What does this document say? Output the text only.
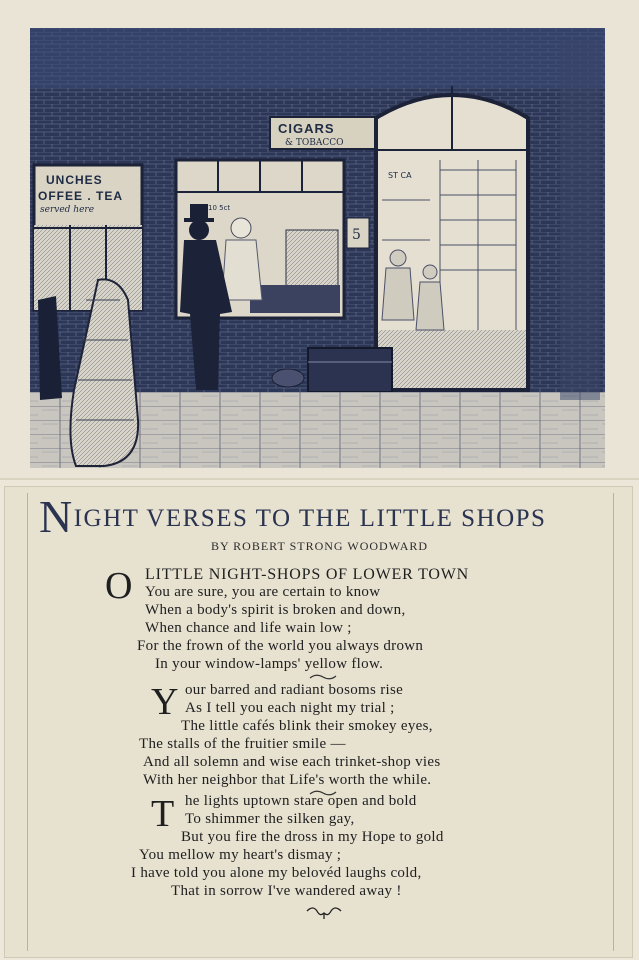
UNCHES
OFFEE . TEA
served here	10 5ct
CIGARS
& TOBACCO
5
ST CA
NIGHT VERSES TO THE LITTLE SHOPS
BY ROBERT STRONG WOODWARD
O LITTLE NIGHT-SHOPS OF LOWER TOWN
You are sure, you are certain to know
When a body's spirit is broken and down,
When chance and life wain low ;
For the frown of the world you always drown
In your window-lamps' yellow flow.
Y our barred and radiant bosoms rise
As I tell you each night my trial ;
The little cafés blink their smokey eyes,
The stalls of the fruitier smile —
And all solemn and wise each trinket-shop vies
With her neighbor that Life's worth the while.
T he lights uptown stare open and bold
To shimmer the silken gay,
But you fire the dross in my Hope to gold
You mellow my heart's dismay ;
I have told you alone my belovéd laughs cold,
That in sorrow I've wandered away !
